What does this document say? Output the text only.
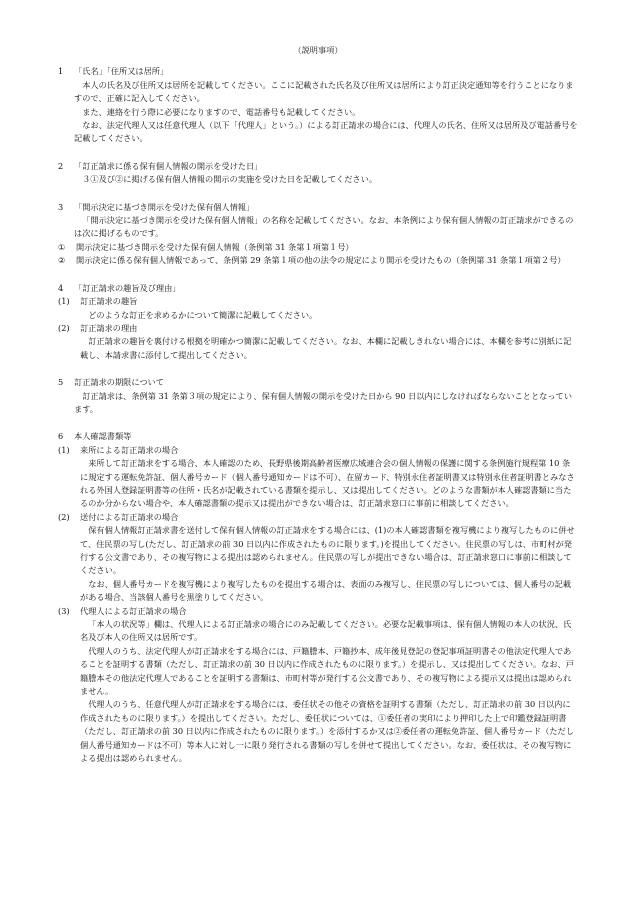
（説明事項）
1	「氏名」「住所又は居所」

本人の氏名及び住所又は居所を記載してください。ここに記載された氏名及び住所又は居所により訂正決定通知等を行うことになりますので、正確に記入してください。

また、連絡を行う際に必要になりますので、電話番号も記載してください。

なお、法定代理人又は任意代理人（以下「代理人」という。）による訂正請求の場合には、代理人の氏名、住所又は居所及び電話番号を記載してください。

2	「訂正請求に係る保有個人情報の開示を受けた日」

３①及び②に掲げる保有個人情報の開示の実施を受けた日を記載してください。

3	「開示決定に基づき開示を受けた保有個人情報」

「開示決定に基づき開示を受けた保有個人情報」の名称を記載してください。なお、本条例により保有個人情報の訂正請求ができるのは次に掲げるものです。

①	開示決定に基づき開示を受けた保有個人情報（条例第 31 条第１項第１号）
②	開示決定に係る保有個人情報であって、条例第 29 条第１項の他の法令の規定により開示を受けたもの（条例第 31 条第１項第２号）
4	「訂正請求の趣旨及び理由」
(1)	訂正請求の趣旨

どのような訂正を求めるかについて簡潔に記載してください。

(2)	訂正請求の理由

訂正請求の趣旨を裏付ける根拠を明確かつ簡潔に記載してください。なお、本欄に記載しきれない場合には、本欄を参考に別紙に記載し、本請求書に添付して提出してください。

5	訂正請求の期限について

訂正請求は、条例第 31 条第３項の規定により、保有個人情報の開示を受けた日から 90 日以内にしなければならないこととなっています。

6	本人確認書類等
(1)	来所による訂正請求の場合

来所して訂正請求をする場合、本人確認のため、長野県後期高齢者医療広域連合会の個人情報の保護に関する条例施行規程第 10 条に規定する運転免許証、個人番号カード（個人番号通知カードは不可）、在留カード、特別永住者証明書又は特別永住者証明書とみなされる外国人登録証明書等の住所・氏名が記載されている書類を提示し、又は提出してください。どのような書類が本人確認書類に当たるのか分からない場合や、本人確認書類の提示又は提出ができない場合は、訂正請求窓口に事前に相談してください。

(2)	送付による訂正請求の場合

保有個人情報訂正請求書を送付して保有個人情報の訂正請求をする場合には、(1)の本人確認書類を複写機により複写したものに併せて、住民票の写し(ただし、訂正請求の前 30 日以内に作成されたものに限ります。)を提出してください。住民票の写しは、市町村が発行する公文書であり、その複写物による提出は認められません。住民票の写しが提出できない場合は、訂正請求窓口に事前に相談してください。

なお、個人番号カードを複写機により複写したものを提出する場合は、表面のみ複写し、住民票の写しについては、個人番号の記載がある場合、当該個人番号を黒塗りしてください。

(3)	代理人による訂正請求の場合

「本人の状況等」欄は、代理人による訂正請求の場合にのみ記載してください。必要な記載事項は、保有個人情報の本人の状況、氏名及び本人の住所又は居所です。

代理人のうち、法定代理人が訂正請求をする場合には、戸籍謄本、戸籍抄本、成年後見登記の登記事項証明書その他法定代理人であることを証明する書類（ただし、訂正請求の前 30 日以内に作成されたものに限ります。）を提示し、又は提出してください。なお、戸籍謄本その他法定代理人であることを証明する書類は、市町村等が発行する公文書であり、その複写物による提示又は提出は認められません。

代理人のうち、任意代理人が訂正請求をする場合には、委任状その他その資格を証明する書類（ただし、訂正請求の前 30 日以内に作成されたものに限ります。）を提出してください。ただし、委任状については、①委任者の実印により押印した上で印鑑登録証明書（ただし、訂正請求の前 30 日以内に作成されたものに限ります。）を添付するか又は②委任者の運転免許証、個人番号カード（ただし個人番号通知カードは不可）等本人に対し一に限り発行される書類の写しを併せて提出してください。なお、委任状は、その複写物による提出は認められません。
